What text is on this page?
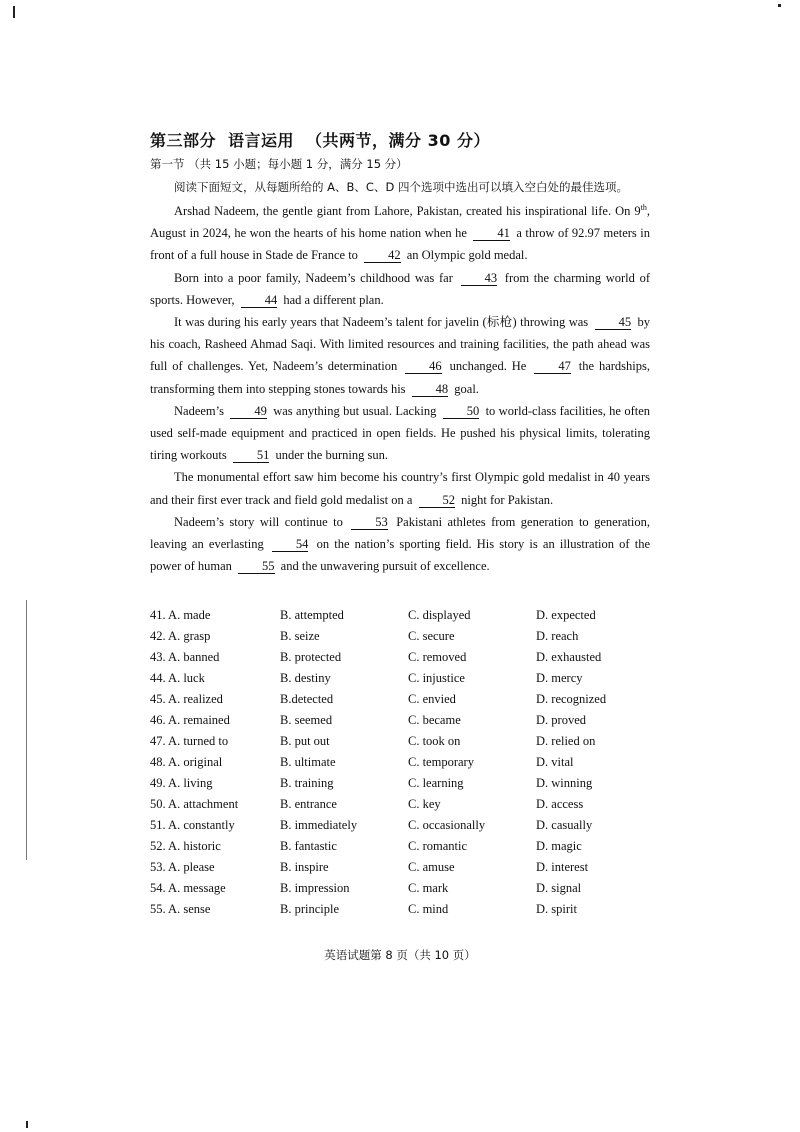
第三部分 语言运用 （共两节，满分 30 分）

第一节 （共 15 小题；每小题 1 分，满分 15 分）

阅读下面短文，从每题所给的 A、B、C、D 四个选项中选出可以填入空白处的最佳选项。

Arshad Nadeem, the gentle giant from Lahore, Pakistan, created his inspirational life. On 9th, August in 2024, he won the hearts of his home nation when he 41 a throw of 92.97 meters in front of a full house in Stade de France to 42 an Olympic gold medal.

Born into a poor family, Nadeem’s childhood was far	43 from the charming world of sports. However, 44 had a different plan.

It was during his early years that Nadeem’s talent for javelin (标枪) throwing was 45 by his coach, Rasheed Ahmad Saqi. With limited resources and training facilities, the path ahead was full of challenges. Yet, Nadeem’s determination	46 unchanged. He	47 the hardships, transforming them into stepping stones towards his 48 goal.

Nadeem’s 49 was anything but usual. Lacking 50 to world-class facilities, he often used self-made equipment and practiced in open fields. He pushed his physical limits, tolerating tiring workouts 51 under the burning sun.

The monumental effort saw him become his country’s first Olympic gold medalist in 40 years and their first ever track and field gold medalist on a 52 night for Pakistan.

Nadeem’s story will continue to	53 Pakistani athletes from generation to generation, leaving an everlasting	54 on the nation’s sporting field. His story is an illustration of the power of human 55 and the unwavering pursuit of excellence.

41. A. made	B. attempted	C. displayed	D. expected
42. A. grasp	B. seize	C. secure	D. reach
43. A. banned	B. protected	C. removed	D. exhausted
44. A. luck	B. destiny	C. injustice	D. mercy
45. A. realized	B.detected	C. envied	D. recognized
46. A. remained	B. seemed	C. became	D. proved
47. A. turned to	B. put out	C. took on	D. relied on
48. A. original	B. ultimate	C. temporary	D. vital
49. A. living	B. training	C. learning	D. winning
50. A. attachment	B. entrance	C. key	D. access
51. A. constantly	B. immediately	C. occasionally	D. casually
52. A. historic	B. fantastic	C. romantic	D. magic
53. A. please	B. inspire	C. amuse	D. interest
54. A. message	B. impression	C. mark	D. signal
55. A. sense	B. principle	C. mind	D. spirit
英语试题第 8 页（共 10 页）
